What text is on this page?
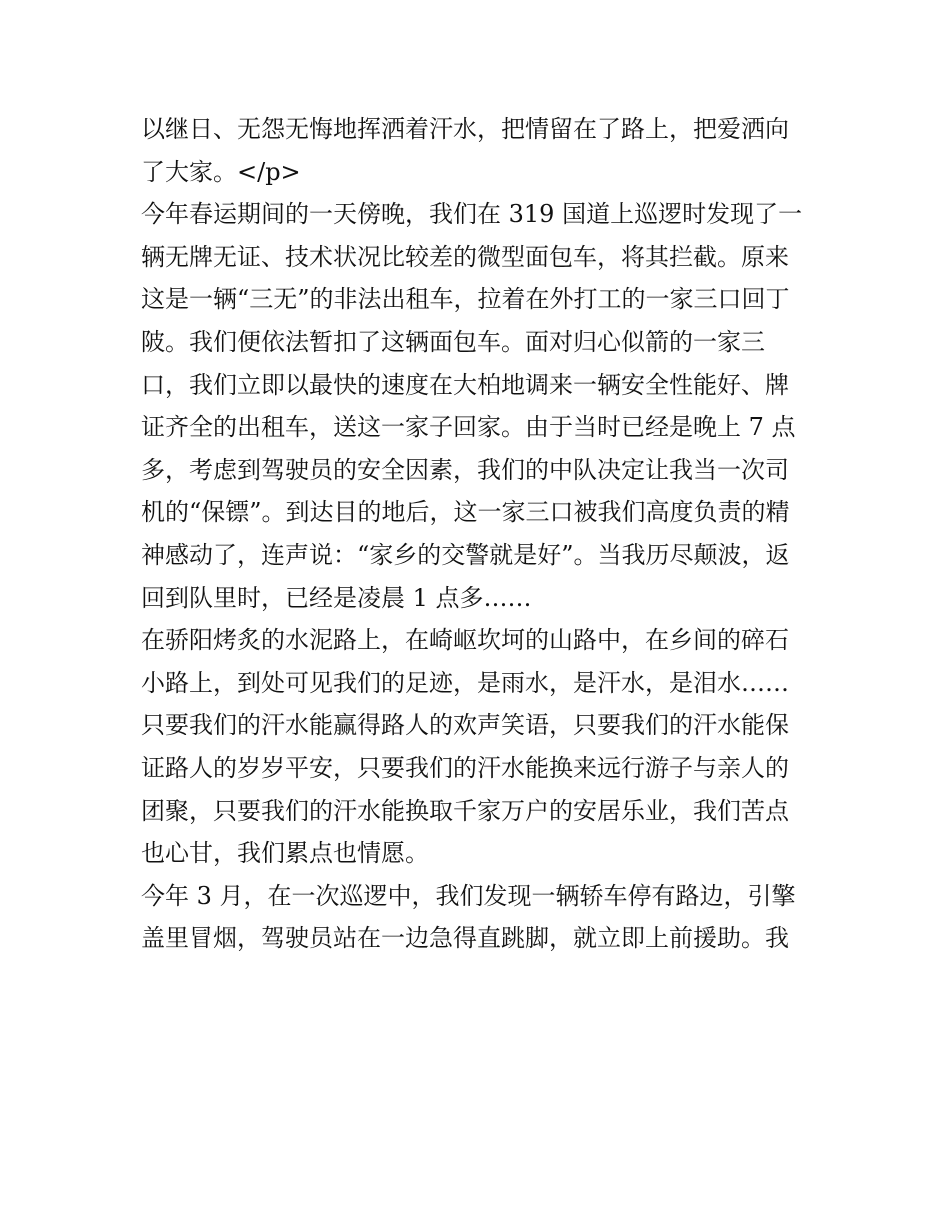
以继日、无怨无悔地挥洒着汗水，把情留在了路上，把爱洒向
了大家。</p>
今年春运期间的一天傍晚，我们在 319 国道上巡逻时发现了一
辆无牌无证、技术状况比较差的微型面包车，将其拦截。原来
这是一辆“三无”的非法出租车，拉着在外打工的一家三口回丁
陂。我们便依法暂扣了这辆面包车。面对归心似箭的一家三
口，我们立即以最快的速度在大柏地调来一辆安全性能好、牌
证齐全的出租车，送这一家子回家。由于当时已经是晚上 7 点
多，考虑到驾驶员的安全因素，我们的中队决定让我当一次司
机的“保镖”。到达目的地后，这一家三口被我们高度负责的精
神感动了，连声说：“家乡的交警就是好”。当我历尽颠波，返
回到队里时，已经是凌晨 1 点多……
在骄阳烤炙的水泥路上，在崎岖坎坷的山路中，在乡间的碎石
小路上，到处可见我们的足迹，是雨水，是汗水，是泪水……
只要我们的汗水能赢得路人的欢声笑语，只要我们的汗水能保
证路人的岁岁平安，只要我们的汗水能换来远行游子与亲人的
团聚，只要我们的汗水能换取千家万户的安居乐业，我们苦点
也心甘，我们累点也情愿。
今年 3 月，在一次巡逻中，我们发现一辆轿车停有路边，引擎
盖里冒烟，驾驶员站在一边急得直跳脚，就立即上前援助。我
